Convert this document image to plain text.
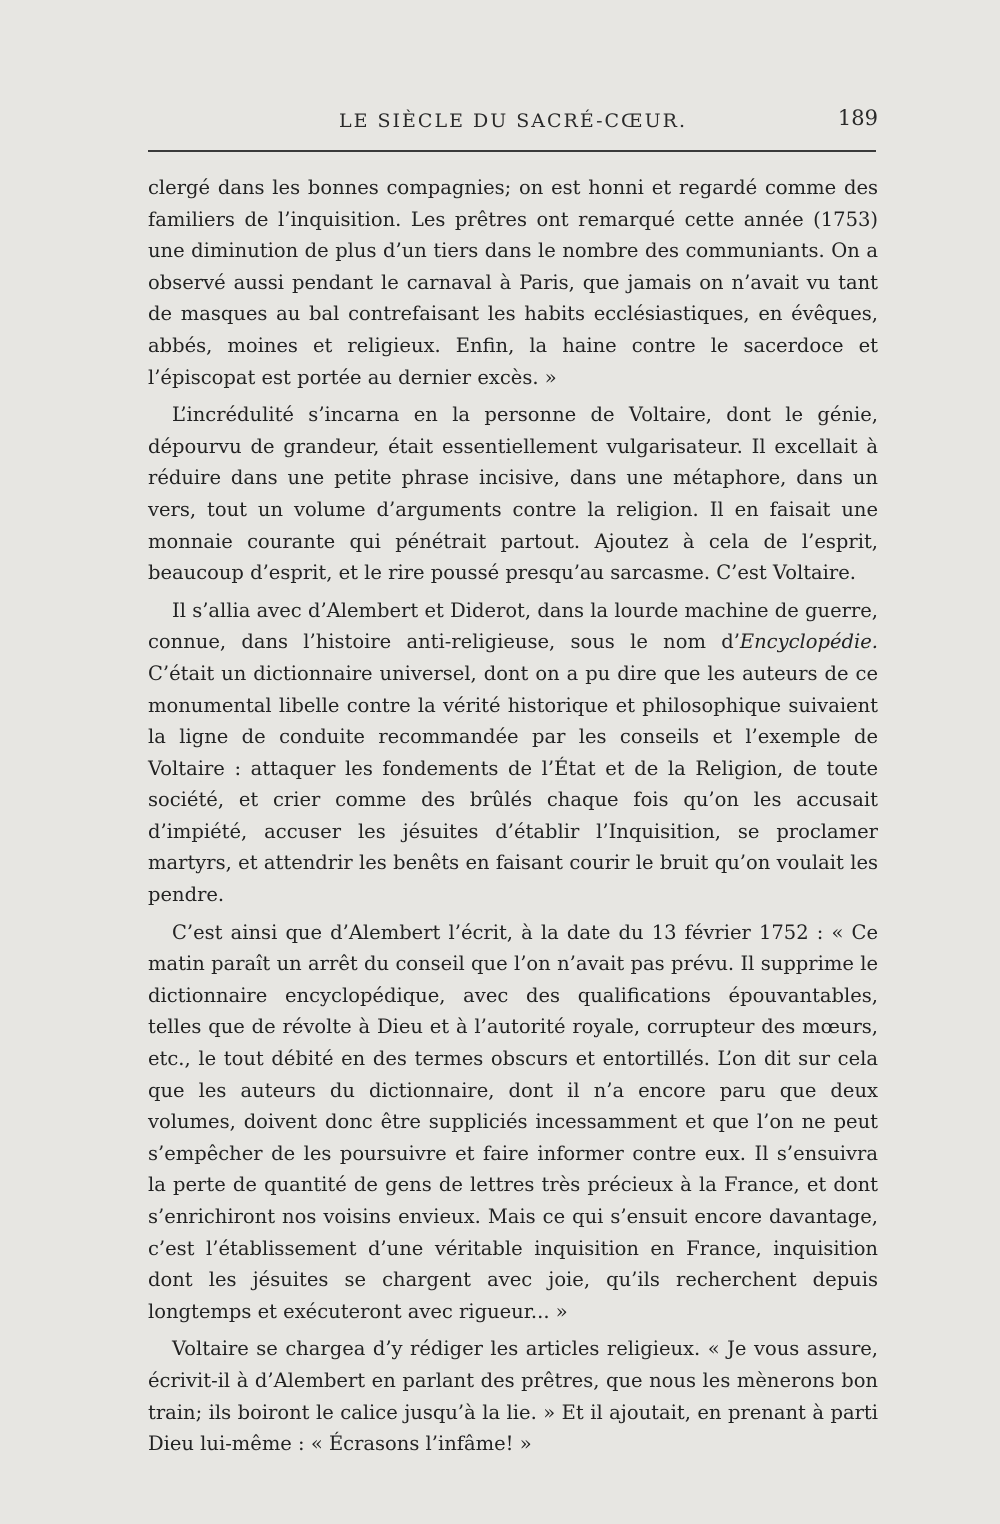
LE SIÈCLE DU SACRÉ-CŒUR.	189

clergé dans les bonnes compagnies; on est honni et regardé comme des familiers de l’inquisition. Les prêtres ont remarqué cette année (1753) une diminution de plus d’un tiers dans le nombre des communiants. On a observé aussi pendant le carnaval à Paris, que jamais on n’avait vu tant de masques au bal contrefaisant les habits ecclésiastiques, en évêques, abbés, moines et religieux. Enfin, la haine contre le sacerdoce et l’épiscopat est portée au dernier excès. »

L’incrédulité s’incarna en la personne de Voltaire, dont le génie, dépourvu de grandeur, était essentiellement vulgarisateur. Il excellait à réduire dans une petite phrase incisive, dans une métaphore, dans un vers, tout un volume d’arguments contre la religion. Il en faisait une monnaie courante qui pénétrait partout. Ajoutez à cela de l’esprit, beaucoup d’esprit, et le rire poussé presqu’au sarcasme. C’est Voltaire.

Il s’allia avec d’Alembert et Diderot, dans la lourde machine de guerre, connue, dans l’histoire anti-religieuse, sous le nom d’Encyclopédie. C’était un dictionnaire universel, dont on a pu dire que les auteurs de ce monumental libelle contre la vérité historique et philosophique suivaient la ligne de conduite recommandée par les conseils et l’exemple de Voltaire : attaquer les fondements de l’État et de la Religion, de toute société, et crier comme des brûlés chaque fois qu’on les accusait d’impiété, accuser les jésuites d’établir l’Inquisition, se proclamer martyrs, et attendrir les benêts en faisant courir le bruit qu’on voulait les pendre.

C’est ainsi que d’Alembert l’écrit, à la date du 13 février 1752 : « Ce matin paraît un arrêt du conseil que l’on n’avait pas prévu. Il supprime le dictionnaire encyclopédique, avec des qualifications épouvantables, telles que de révolte à Dieu et à l’autorité royale, corrupteur des mœurs, etc., le tout débité en des termes obscurs et entortillés. L’on dit sur cela que les auteurs du dictionnaire, dont il n’a encore paru que deux volumes, doivent donc être suppliciés incessamment et que l’on ne peut s’empêcher de les poursuivre et faire informer contre eux. Il s’ensuivra la perte de quantité de gens de lettres très précieux à la France, et dont s’enrichiront nos voisins envieux. Mais ce qui s’ensuit encore davantage, c’est l’établissement d’une véritable inquisition en France, inquisition dont les jésuites se chargent avec joie, qu’ils recherchent depuis longtemps et exécuteront avec rigueur... »

Voltaire se chargea d’y rédiger les articles religieux. « Je vous assure, écrivit-il à d’Alembert en parlant des prêtres, que nous les mènerons bon train; ils boiront le calice jusqu’à la lie. » Et il ajoutait, en prenant à parti Dieu lui-même : « Écrasons l’infâme! »
